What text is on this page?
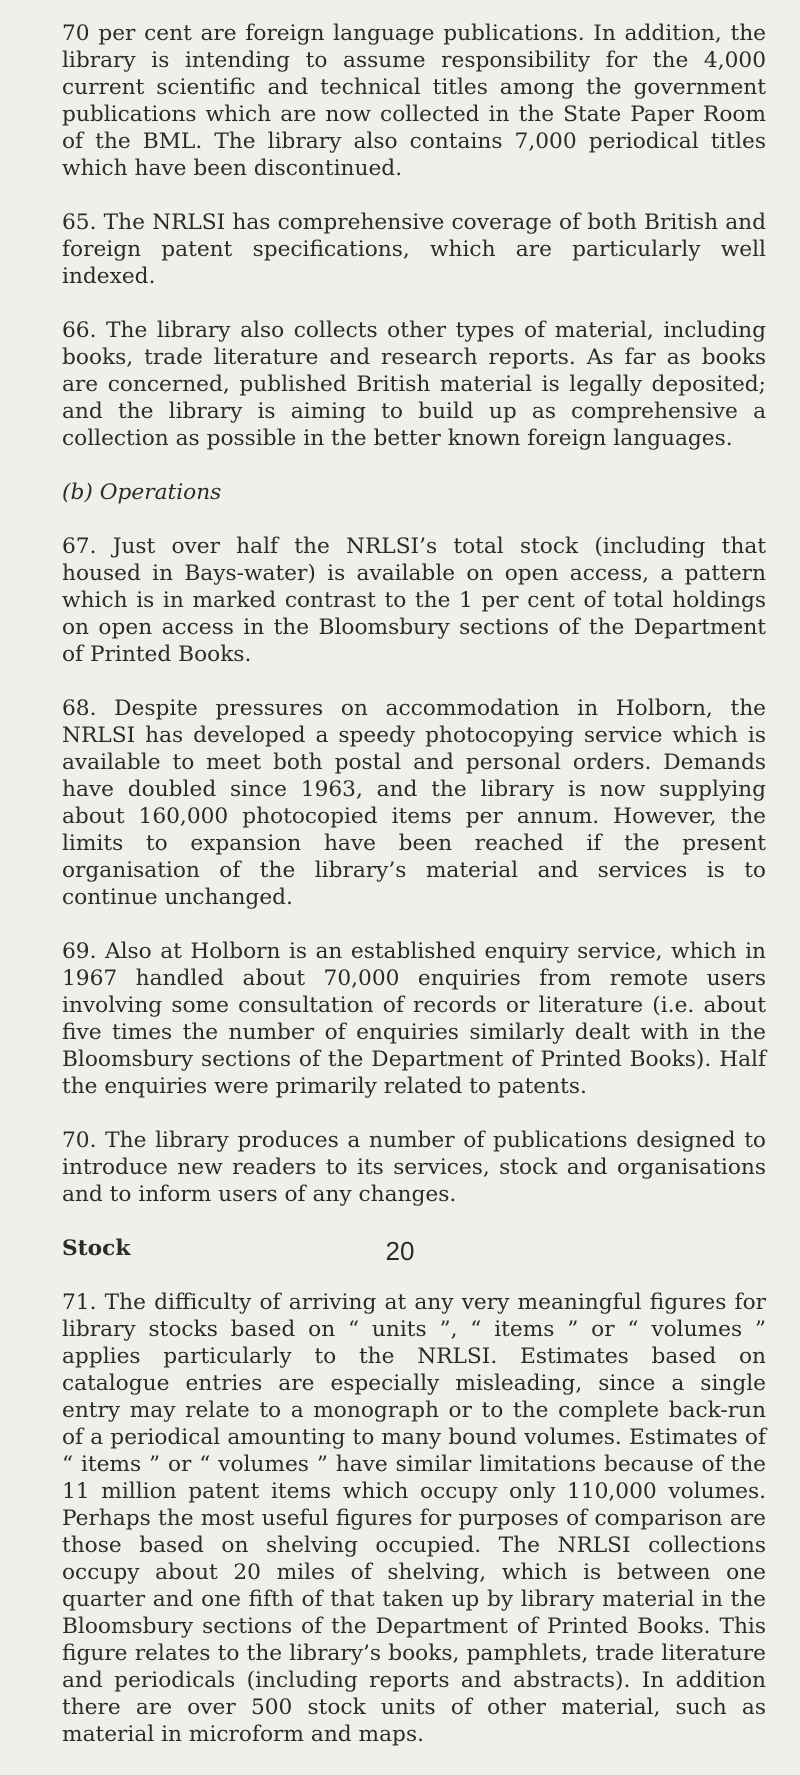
70 per cent are foreign language publications. In addition, the library is intending to assume responsibility for the 4,000 current scientific and technical titles among the government publications which are now collected in the State Paper Room of the BML. The library also contains 7,000 periodical titles which have been discontinued.

65. The NRLSI has comprehensive coverage of both British and foreign patent specifications, which are particularly well indexed.

66. The library also collects other types of material, including books, trade literature and research reports. As far as books are concerned, published British material is legally deposited; and the library is aiming to build up as comprehensive a collection as possible in the better known foreign languages.

(b) Operations

67. Just over half the NRLSI’s total stock (including that housed in Bays-water) is available on open access, a pattern which is in marked contrast to the 1 per cent of total holdings on open access in the Bloomsbury sections of the Department of Printed Books.

68. Despite pressures on accommodation in Holborn, the NRLSI has developed a speedy photocopying service which is available to meet both postal and personal orders. Demands have doubled since 1963, and the library is now supplying about 160,000 photocopied items per annum. However, the limits to expansion have been reached if the present organisation of the library’s material and services is to continue unchanged.

69. Also at Holborn is an established enquiry service, which in 1967 handled about 70,000 enquiries from remote users involving some consultation of records or literature (i.e. about five times the number of enquiries similarly dealt with in the Bloomsbury sections of the Department of Printed Books). Half the enquiries were primarily related to patents.

70. The library produces a number of publications designed to introduce new readers to its services, stock and organisations and to inform users of any changes.

Stock

71. The difficulty of arriving at any very meaningful figures for library stocks based on “ units ”, “ items ” or “ volumes ” applies particularly to the NRLSI. Estimates based on catalogue entries are especially misleading, since a single entry may relate to a monograph or to the complete back-run of a periodical amounting to many bound volumes. Estimates of “ items ” or “ volumes ” have similar limitations because of the 11 million patent items which occupy only 110,000 volumes. Perhaps the most useful figures for purposes of comparison are those based on shelving occupied. The NRLSI collections occupy about 20 miles of shelving, which is between one quarter and one fifth of that taken up by library material in the Bloomsbury sections of the Department of Printed Books. This figure relates to the library’s books, pamphlets, trade literature and periodicals (including reports and abstracts). In addition there are over 500 stock units of other material, such as material in microform and maps.

20
